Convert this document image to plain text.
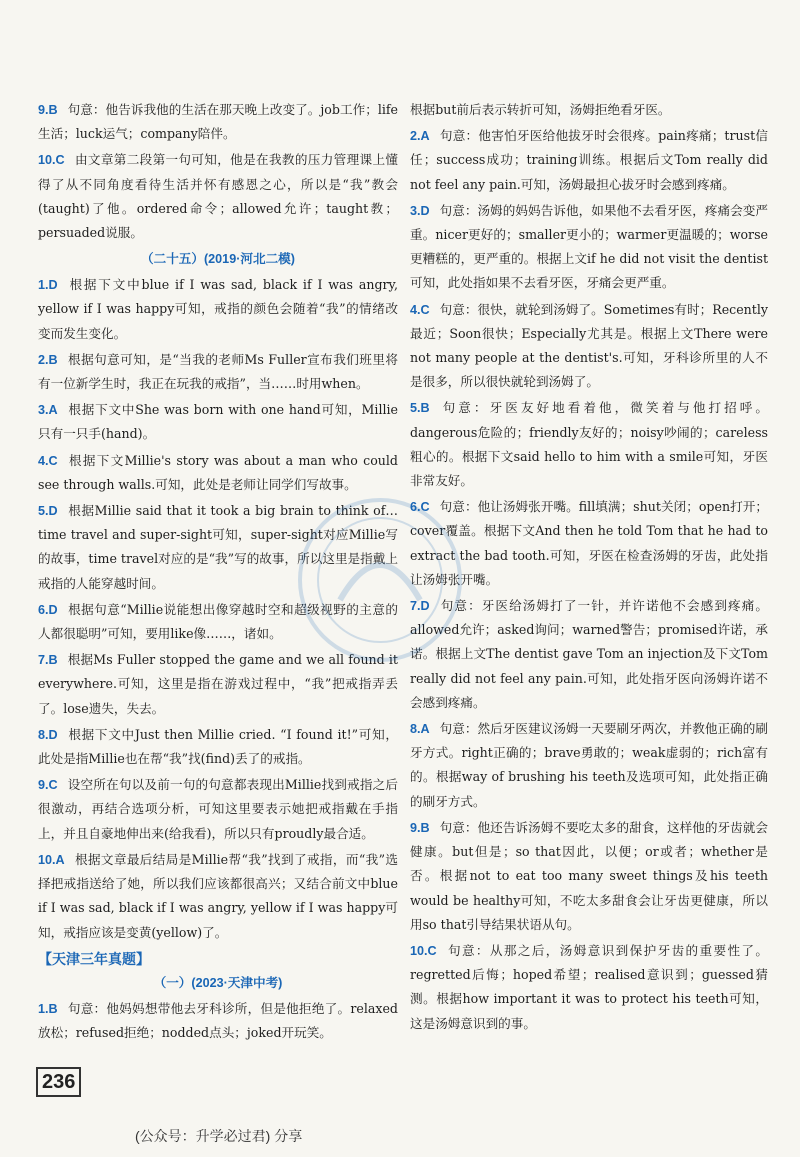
9.B 句意：他告诉我他的生活在那天晚上改变了。job工作；life生活；luck运气；company陪伴。

10.C 由文章第二段第一句可知，他是在我教的压力管理课上懂得了从不同角度看待生活并怀有感恩之心，所以是“我”教会(taught)了他。ordered命令；allowed允许；taught教；persuaded说服。

（二十五）(2019·河北二模)

1.D 根据下文中blue if I was sad, black if I was angry, yellow if I was happy可知，戒指的颜色会随着“我”的情绪改变而发生变化。

2.B 根据句意可知，是“当我的老师Ms Fuller宣布我们班里将有一位新学生时，我正在玩我的戒指”，当……时用when。

3.A 根据下文中She was born with one hand可知，Millie只有一只手(hand)。

4.C 根据下文Millie's story was about a man who could see through walls.可知，此处是老师让同学们写故事。

5.D 根据Millie said that it took a big brain to think of… time travel and super-sight可知，super-sight对应Millie写的故事，time travel对应的是“我”写的故事，所以这里是指戴上戒指的人能穿越时间。

6.D 根据句意“Millie说能想出像穿越时空和超级视野的主意的人都很聪明”可知，要用like像……，诸如。

7.B 根据Ms Fuller stopped the game and we all found it everywhere.可知，这里是指在游戏过程中，“我”把戒指弄丢了。lose遗失，失去。

8.D 根据下文中Just then Millie cried. “I found it!”可知，此处是指Millie也在帮“我”找(find)丢了的戒指。

9.C 设空所在句以及前一句的句意都表现出Millie找到戒指之后很激动，再结合选项分析，可知这里要表示她把戒指戴在手指上，并且自豪地伸出来(给我看)，所以只有proudly最合适。

10.A 根据文章最后结局是Millie帮“我”找到了戒指，而“我”选择把戒指送给了她，所以我们应该都很高兴；又结合前文中blue if I was sad, black if I was angry, yellow if I was happy可知，戒指应该是变黄(yellow)了。

【天津三年真题】
（一）(2023·天津中考)

1.B 句意：他妈妈想带他去牙科诊所，但是他拒绝了。relaxed放松；refused拒绝；nodded点头；joked开玩笑。

根据but前后表示转折可知，汤姆拒绝看牙医。

2.A 句意：他害怕牙医给他拔牙时会很疼。pain疼痛；trust信任；success成功；training训练。根据后文Tom really did not feel any pain.可知，汤姆最担心拔牙时会感到疼痛。

3.D 句意：汤姆的妈妈告诉他，如果他不去看牙医，疼痛会变严重。nicer更好的；smaller更小的；warmer更温暖的；worse更糟糕的，更严重的。根据上文if he did not visit the dentist可知，此处指如果不去看牙医，牙痛会更严重。

4.C 句意：很快，就轮到汤姆了。Sometimes有时；Recently最近；Soon很快；Especially尤其是。根据上文There were not many people at the dentist's.可知，牙科诊所里的人不是很多，所以很快就轮到汤姆了。

5.B 句意：牙医友好地看着他，微笑着与他打招呼。dangerous危险的；friendly友好的；noisy吵闹的；careless粗心的。根据下文said hello to him with a smile可知，牙医非常友好。

6.C 句意：他让汤姆张开嘴。fill填满；shut关闭；open打开；cover覆盖。根据下文And then he told Tom that he had to extract the bad tooth.可知，牙医在检查汤姆的牙齿，此处指让汤姆张开嘴。

7.D 句意：牙医给汤姆打了一针，并许诺他不会感到疼痛。allowed允许；asked询问；warned警告；promised许诺，承诺。根据上文The dentist gave Tom an injection及下文Tom really did not feel any pain.可知，此处指牙医向汤姆许诺不会感到疼痛。

8.A 句意：然后牙医建议汤姆一天要刷牙两次，并教他正确的刷牙方式。right正确的；brave勇敢的；weak虚弱的；rich富有的。根据way of brushing his teeth及选项可知，此处指正确的刷牙方式。

9.B 句意：他还告诉汤姆不要吃太多的甜食，这样他的牙齿就会健康。but但是；so that因此，以便；or或者；whether是否。根据not to eat too many sweet things及his teeth would be healthy可知，不吃太多甜食会让牙齿更健康，所以用so that引导结果状语从句。

10.C 句意：从那之后，汤姆意识到保护牙齿的重要性了。regretted后悔；hoped希望；realised意识到；guessed猜测。根据how important it was to protect his teeth可知，这是汤姆意识到的事。

236
(公众号：升学必过君) 分享
